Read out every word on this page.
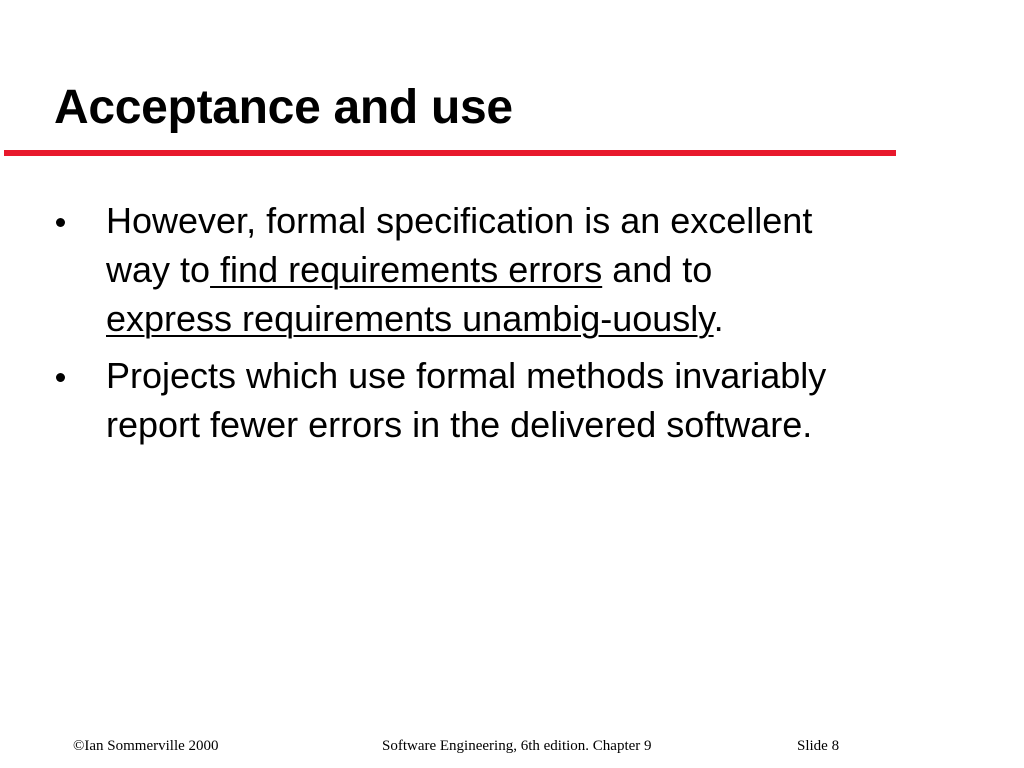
Acceptance and use
However, formal specification is an excellent way to find requirements errors and to express requirements unambig-uously.
Projects which use formal methods invariably report fewer errors in the delivered software.
©Ian Sommerville 2000	Software Engineering, 6th edition. Chapter 9	Slide 8
